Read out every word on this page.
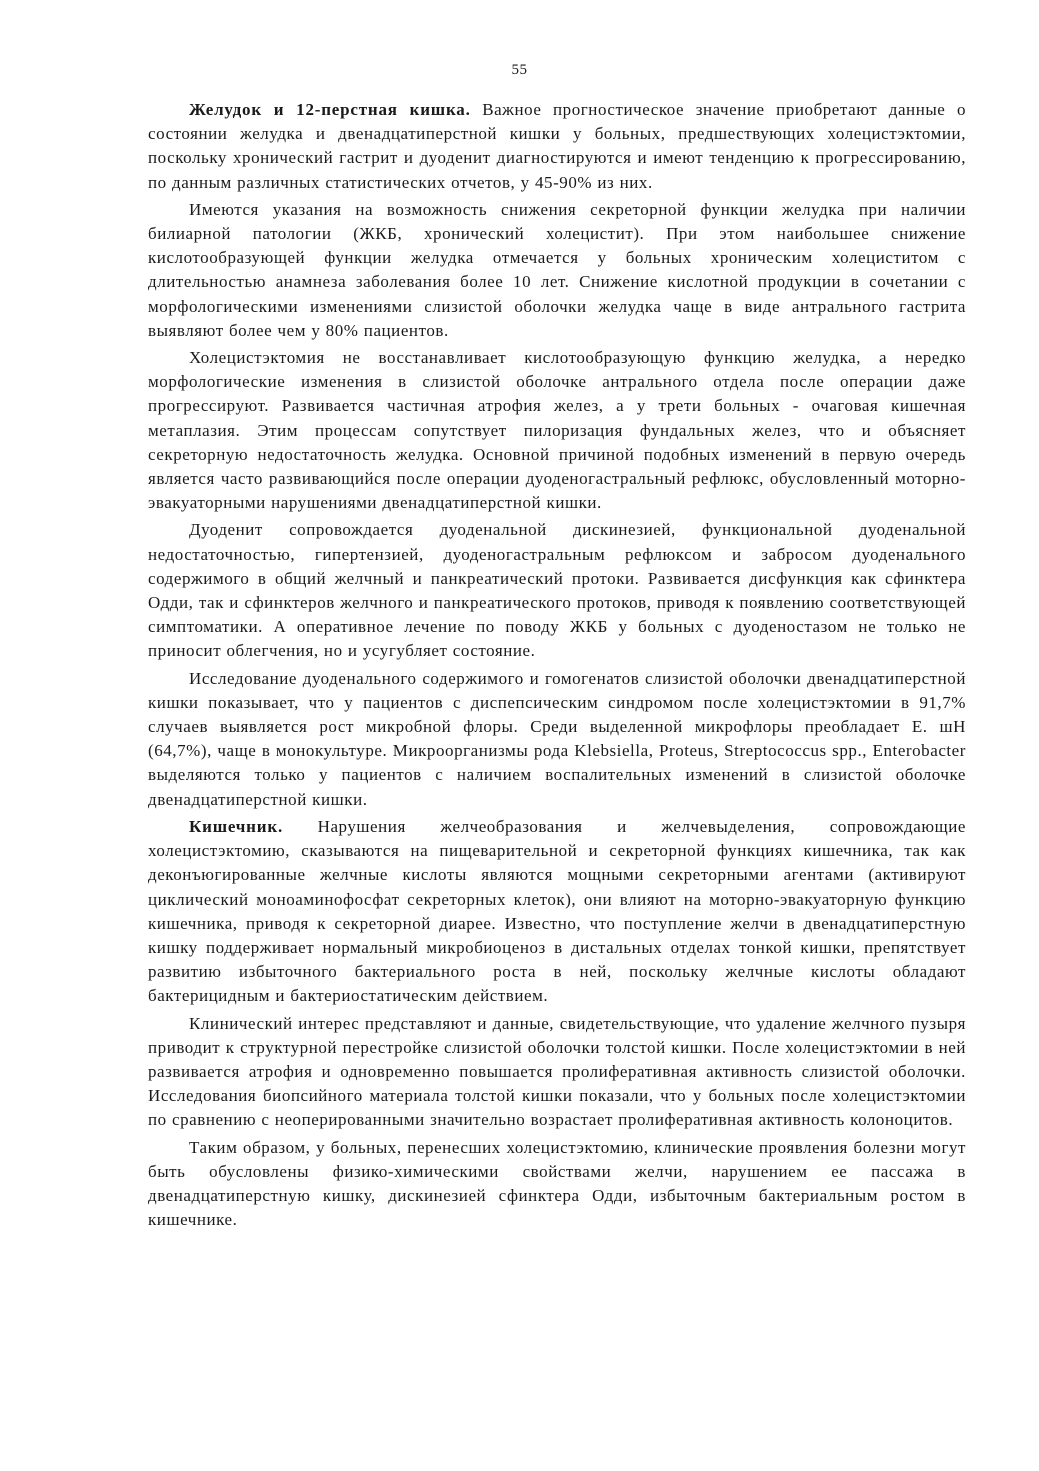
55

Желудок и 12-перстная кишка. Важное прогностическое значение приобретают данные о состоянии желудка и двенадцатиперстной кишки у больных, предшествующих холецистэктомии, поскольку хронический гастрит и дуоденит диагностируются и имеют тенденцию к прогрессированию, по данным различных статистических отчетов, у 45-90% из них.

Имеются указания на возможность снижения секреторной функции желудка при наличии билиарной патологии (ЖКБ, хронический холецистит). При этом наибольшее снижение кислотообразующей функции желудка отмечается у больных хроническим холециститом с длительностью анамнеза заболевания более 10 лет. Снижение кислотной продукции в сочетании с морфологическими изменениями слизистой оболочки желудка чаще в виде антрального гастрита выявляют более чем у 80% пациентов.

Холецистэктомия не восстанавливает кислотообразующую функцию желудка, а нередко морфологические изменения в слизистой оболочке антрального отдела после операции даже прогрессируют. Развивается частичная атрофия желез, а у трети больных - очаговая кишечная метаплазия. Этим процессам сопутствует пилоризация фундальных желез, что и объясняет секреторную недостаточность желудка. Основной причиной подобных изменений в первую очередь является часто развивающийся после операции дуоденогастральный рефлюкс, обусловленный моторно-эвакуаторными нарушениями двенадцатиперстной кишки.

Дуоденит сопровождается дуоденальной дискинезией, функциональной дуоденальной недостаточностью, гипертензией, дуоденогастральным рефлюксом и забросом дуоденального содержимого в общий желчный и панкреатический протоки. Развивается дисфункция как сфинктера Одди, так и сфинктеров желчного и панкреатического протоков, приводя к появлению соответствующей симптоматики. А оперативное лечение по поводу ЖКБ у больных с дуоденостазом не только не приносит облегчения, но и усугубляет состояние.

Исследование дуоденального содержимого и гомогенатов слизистой оболочки двенадцатиперстной кишки показывает, что у пациентов с диспепсическим синдромом после холецистэктомии в 91,7% случаев выявляется рост микробной флоры. Среди выделенной микрофлоры преобладает E. шН (64,7%), чаще в монокультуре. Микроорганизмы рода Klebsiella, Proteus, Streptococcus spp., Enterobacter выделяются только у пациентов с наличием воспалительных изменений в слизистой оболочке двенадцатиперстной кишки.

Кишечник. Нарушения желчеобразования и желчевыделения, сопровождающие холецистэктомию, сказываются на пищеварительной и секреторной функциях кишечника, так как деконъюгированные желчные кислоты являются мощными секреторными агентами (активируют циклический моноаминофосфат секреторных клеток), они влияют на моторно-эвакуаторную функцию кишечника, приводя к секреторной диарее. Известно, что поступление желчи в двенадцатиперстную кишку поддерживает нормальный микробиоценоз в дистальных отделах тонкой кишки, препятствует развитию избыточного бактериального роста в ней, поскольку желчные кислоты обладают бактерицидным и бактериостатическим действием.

Клинический интерес представляют и данные, свидетельствующие, что удаление желчного пузыря приводит к структурной перестройке слизистой оболочки толстой кишки. После холецистэктомии в ней развивается атрофия и одновременно повышается пролиферативная активность слизистой оболочки. Исследования биопсийного материала толстой кишки показали, что у больных после холецистэктомии по сравнению с неоперированными значительно возрастает пролиферативная активность колоноцитов.

Таким образом, у больных, перенесших холецистэктомию, клинические проявления болезни могут быть обусловлены физико-химическими свойствами желчи, нарушением ее пассажа в двенадцатиперстную кишку, дискинезией сфинктера Одди, избыточным бактериальным ростом в кишечнике.
